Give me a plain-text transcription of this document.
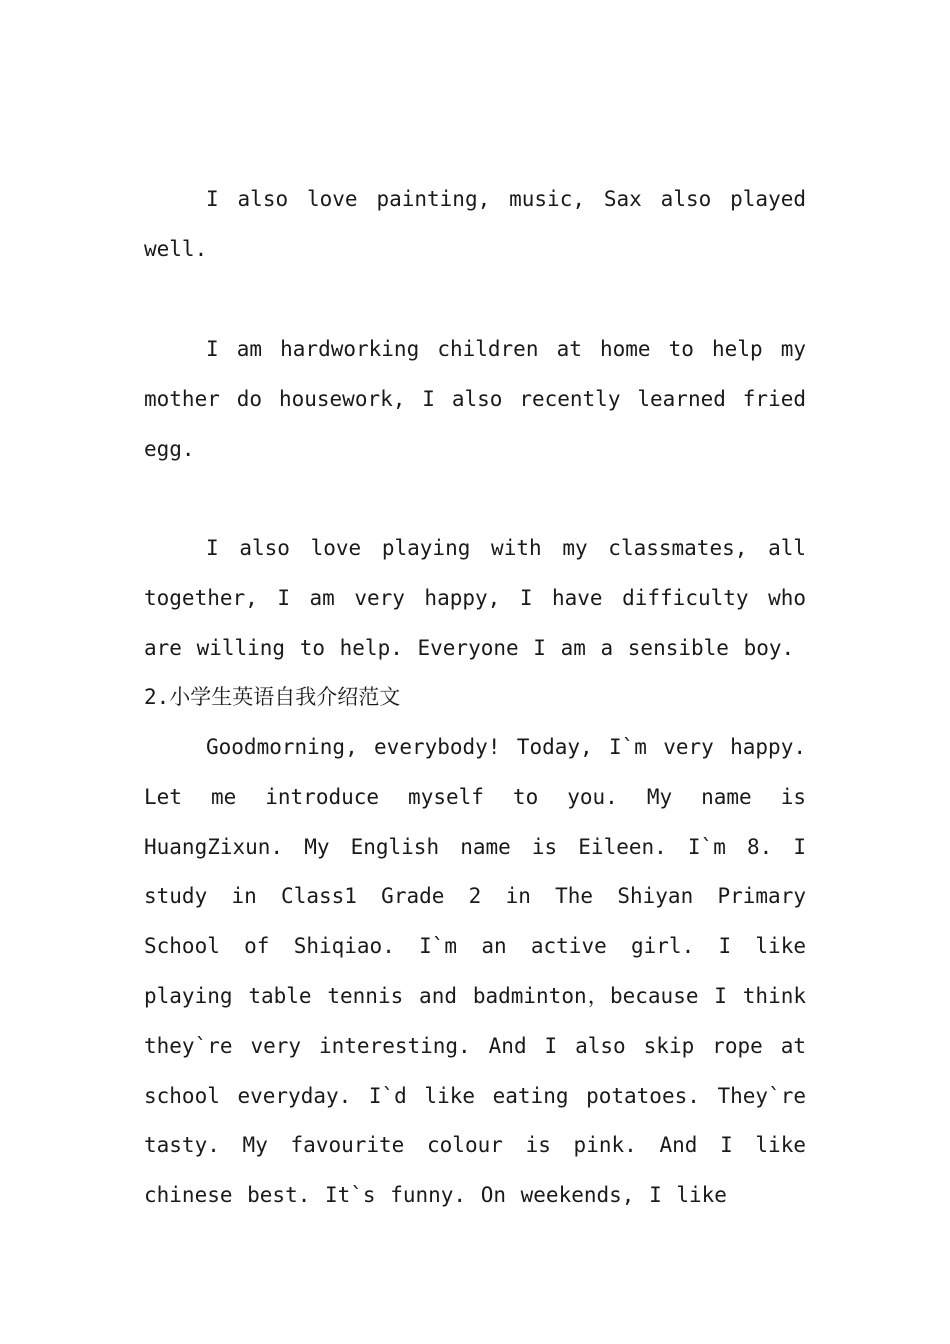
I also love painting, music, Sax also played well.

I am hardworking children at home to help my mother do housework, I also recently learned fried egg.

I also love playing with my classmates, all together, I am very happy, I have difficulty who are willing to help. Everyone I am a sensible boy.

2.小学生英语自我介绍范文

Goodmorning, everybody! Today, I`m very happy. Let me introduce myself to you. My name is HuangZixun. My English name is Eileen. I`m 8. I study in Class1 Grade 2 in The Shiyan Primary School of Shiqiao. I`m an active girl. I like playing table tennis and badminton，because I think they`re very interesting. And I also skip rope at school everyday. I`d like eating potatoes. They`re tasty. My favourite colour is pink. And I like chinese best. It`s funny. On weekends, I like
